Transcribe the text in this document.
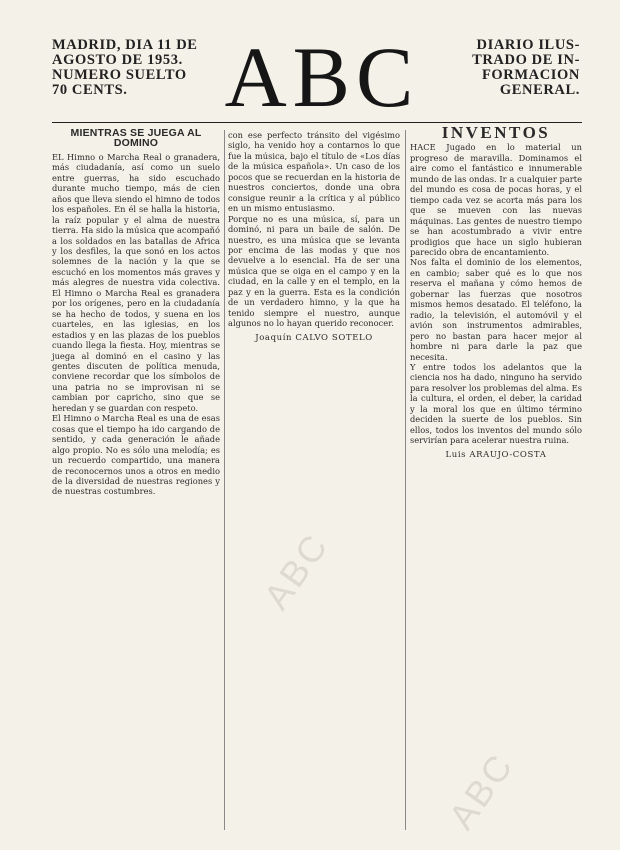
MADRID, DIA 11 DE
AGOSTO DE 1953.
NUMERO SUELTO
70 CENTS.	ABC	DIARIO ILUS-
TRADO DE IN-
FORMACION
GENERAL.
MIENTRAS SE JUEGA AL DOMINO
EL Himno o Marcha Real o granadera, más ciudadanía, así como un suelo entre guerras, ha sido escuchado durante mucho tiempo, más de cien años que lleva siendo el himno de todos los españoles. En él se halla la historia, la raíz popular y el alma de nuestra tierra. Ha sido la música que acompañó a los soldados en las batallas de Africa y los desfiles, la que sonó en los actos solemnes de la nación y la que se escuchó en los momentos más graves y más alegres de nuestra vida colectiva. El Himno o Marcha Real es granadera por los orígenes, pero en la ciudadanía se ha hecho de todos, y suena en los cuarteles, en las iglesias, en los estadios y en las plazas de los pueblos cuando llega la fiesta. Hoy, mientras se juega al dominó en el casino y las gentes discuten de política menuda, conviene recordar que los símbolos de una patria no se improvisan ni se cambian por capricho, sino que se heredan y se guardan con respeto.
El Himno o Marcha Real es una de esas cosas que el tiempo ha ido cargando de sentido, y cada generación le añade algo propio. No es sólo una melodía; es un recuerdo compartido, una manera de reconocernos unos a otros en medio de la diversidad de nuestras regiones y de nuestras costumbres.
con ese perfecto tránsito del vigésimo siglo, ha venido hoy a contarnos lo que fue la música, bajo el título de «Los días de la música española». Un caso de los pocos que se recuerdan en la historia de nuestros conciertos, donde una obra consigue reunir a la crítica y al público en un mismo entusiasmo.
Porque no es una música, sí, para un dominó, ni para un baile de salón. De nuestro, es una música que se levanta por encima de las modas y que nos devuelve a lo esencial. Ha de ser una música que se oiga en el campo y en la ciudad, en la calle y en el templo, en la paz y en la guerra. Esta es la condición de un verdadero himno, y la que ha tenido siempre el nuestro, aunque algunos no lo hayan querido reconocer.
Joaquín CALVO SOTELO
INVENTOS
HACE Jugado en lo material un progreso de maravilla. Dominamos el aire como el fantástico e innumerable mundo de las ondas. Ir a cualquier parte del mundo es cosa de pocas horas, y el tiempo cada vez se acorta más para los que se mueven con las nuevas máquinas. Las gentes de nuestro tiempo se han acostumbrado a vivir entre prodigios que hace un siglo hubieran parecido obra de encantamiento.
Nos falta el dominio de los elementos, en cambio; saber qué es lo que nos reserva el mañana y cómo hemos de gobernar las fuerzas que nosotros mismos hemos desatado. El teléfono, la radio, la televisión, el automóvil y el avión son instrumentos admirables, pero no bastan para hacer mejor al hombre ni para darle la paz que necesita.
Y entre todos los adelantos que la ciencia nos ha dado, ninguno ha servido para resolver los problemas del alma. Es la cultura, el orden, el deber, la caridad y la moral los que en último término deciden la suerte de los pueblos. Sin ellos, todos los inventos del mundo sólo servirían para acelerar nuestra ruina.
Luis ARAUJO-COSTA
ABC
ABC
